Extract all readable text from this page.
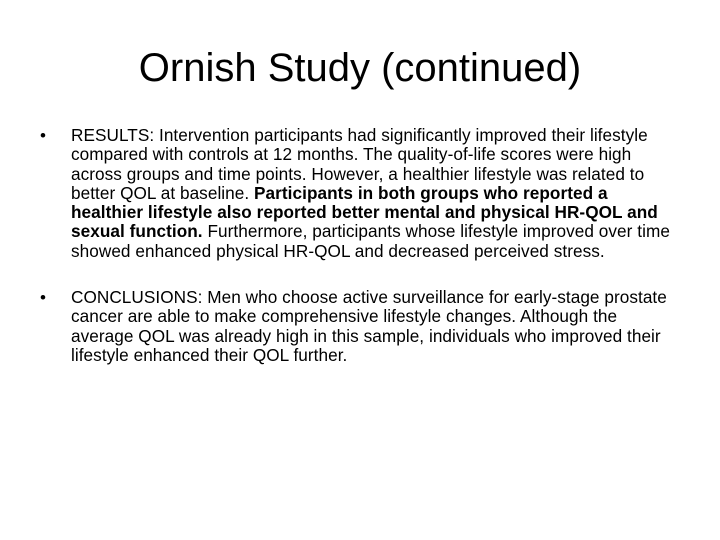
Ornish Study (continued)
• RESULTS: Intervention participants had significantly improved their lifestyle compared with controls at 12 months. The quality-of-life scores were high across groups and time points. However, a healthier lifestyle was related to better QOL at baseline. Participants in both groups who reported a healthier lifestyle also reported better mental and physical HR-QOL and sexual function. Furthermore, participants whose lifestyle improved over time showed enhanced physical HR-QOL and decreased perceived stress.
• CONCLUSIONS: Men who choose active surveillance for early-stage prostate cancer are able to make comprehensive lifestyle changes. Although the average QOL was already high in this sample, individuals who improved their lifestyle enhanced their QOL further.
